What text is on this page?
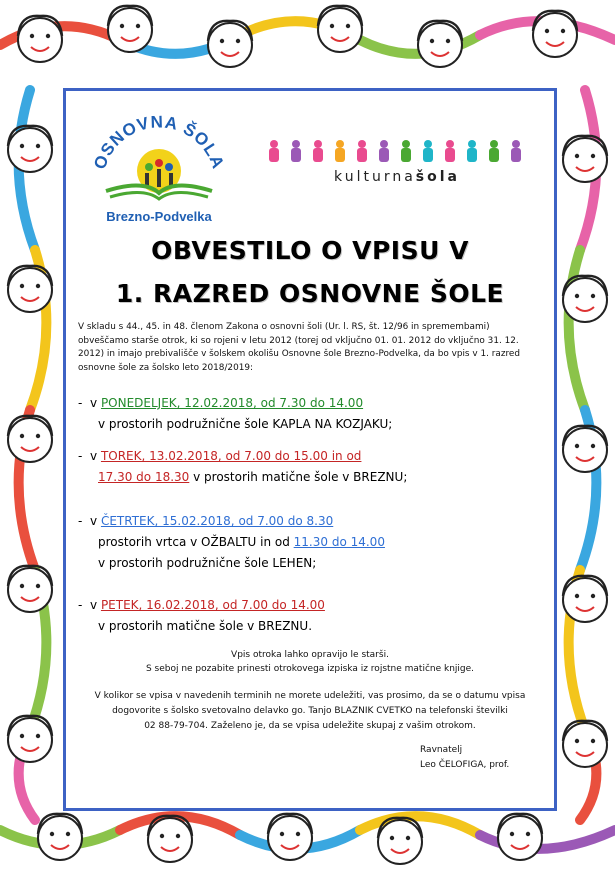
OSNOVNA ŠOLA
Brezno-Podvelka
kulturnašola
OBVESTILO O VPISU V
1. RAZRED OSNOVNE ŠOLE
V skladu s 44., 45. in 48. členom Zakona o osnovni šoli (Ur. l. RS, št. 12/96 in spremembami) obveščamo starše otrok, ki so rojeni v letu 2012 (torej od vključno 01. 01. 2012 do vključno 31. 12. 2012) in imajo prebivališče v šolskem okolišu Osnovne šole Brezno-Podvelka, da bo vpis v 1. razred osnovne šole za šolsko leto 2018/2019:
- v PONEDELJEK, 12.02.2018, od 7.30 do 14.00
v prostorih podružnične šole KAPLA NA KOZJAKU;
- v TOREK, 13.02.2018, od 7.00 do 15.00 in od
17.30 do 18.30 v prostorih matične šole v BREZNU;
- v ČETRTEK, 15.02.2018, od 7.00 do 8.30
prostorih vrtca v OŽBALTU in od 11.30 do 14.00
v prostorih podružnične šole LEHEN;
- v PETEK, 16.02.2018, od 7.00 do 14.00
v prostorih matične šole v BREZNU.
Vpis otroka lahko opravijo le starši.
S seboj ne pozabite prinesti otrokovega izpiska iz rojstne matične knjige.
V kolikor se vpisa v navedenih terminih ne morete udeležiti, vas prosimo, da se o datumu vpisa
dogovorite s šolsko svetovalno delavko go. Tanjo BLAZNIK CVETKO na telefonski številki
02 88-79-704. Zaželeno je, da se vpisa udeležite skupaj z vašim otrokom.
Ravnatelj
Leo ČELOFIGA, prof.
